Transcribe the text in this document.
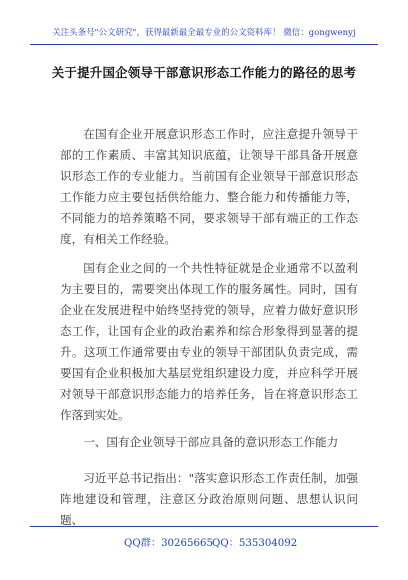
关注头条号"公文研究"，获得最新最全最专业的公文资料库！ 微信：gongwenyj
关于提升国企领导干部意识形态工作能力的路径的思考

在国有企业开展意识形态工作时，应注意提升领导干部的工作素质、丰富其知识底蕴，让领导干部具备开展意识形态工作的专业能力。当前国有企业领导干部意识形态工作能力应主要包括供给能力、整合能力和传播能力等，不同能力的培养策略不同，要求领导干部有端正的工作态度，有相关工作经验。

国有企业之间的一个共性特征就是企业通常不以盈利为主要目的，需要突出体现工作的服务属性。同时，国有企业在发展进程中始终坚持党的领导，应着力做好意识形态工作，让国有企业的政治素养和综合形象得到显著的提升。这项工作通常要由专业的领导干部团队负责完成，需要国有企业积极加大基层党组织建设力度，并应科学开展对领导干部意识形态能力的培养任务，旨在将意识形态工作落到实处。

一、国有企业领导干部应具备的意识形态工作能力

习近平总书记指出："落实意识形态工作责任制，加强阵地建设和管理，注意区分政治原则问题、思想认识问题、

QQ群：30265665 QQ：535304092
